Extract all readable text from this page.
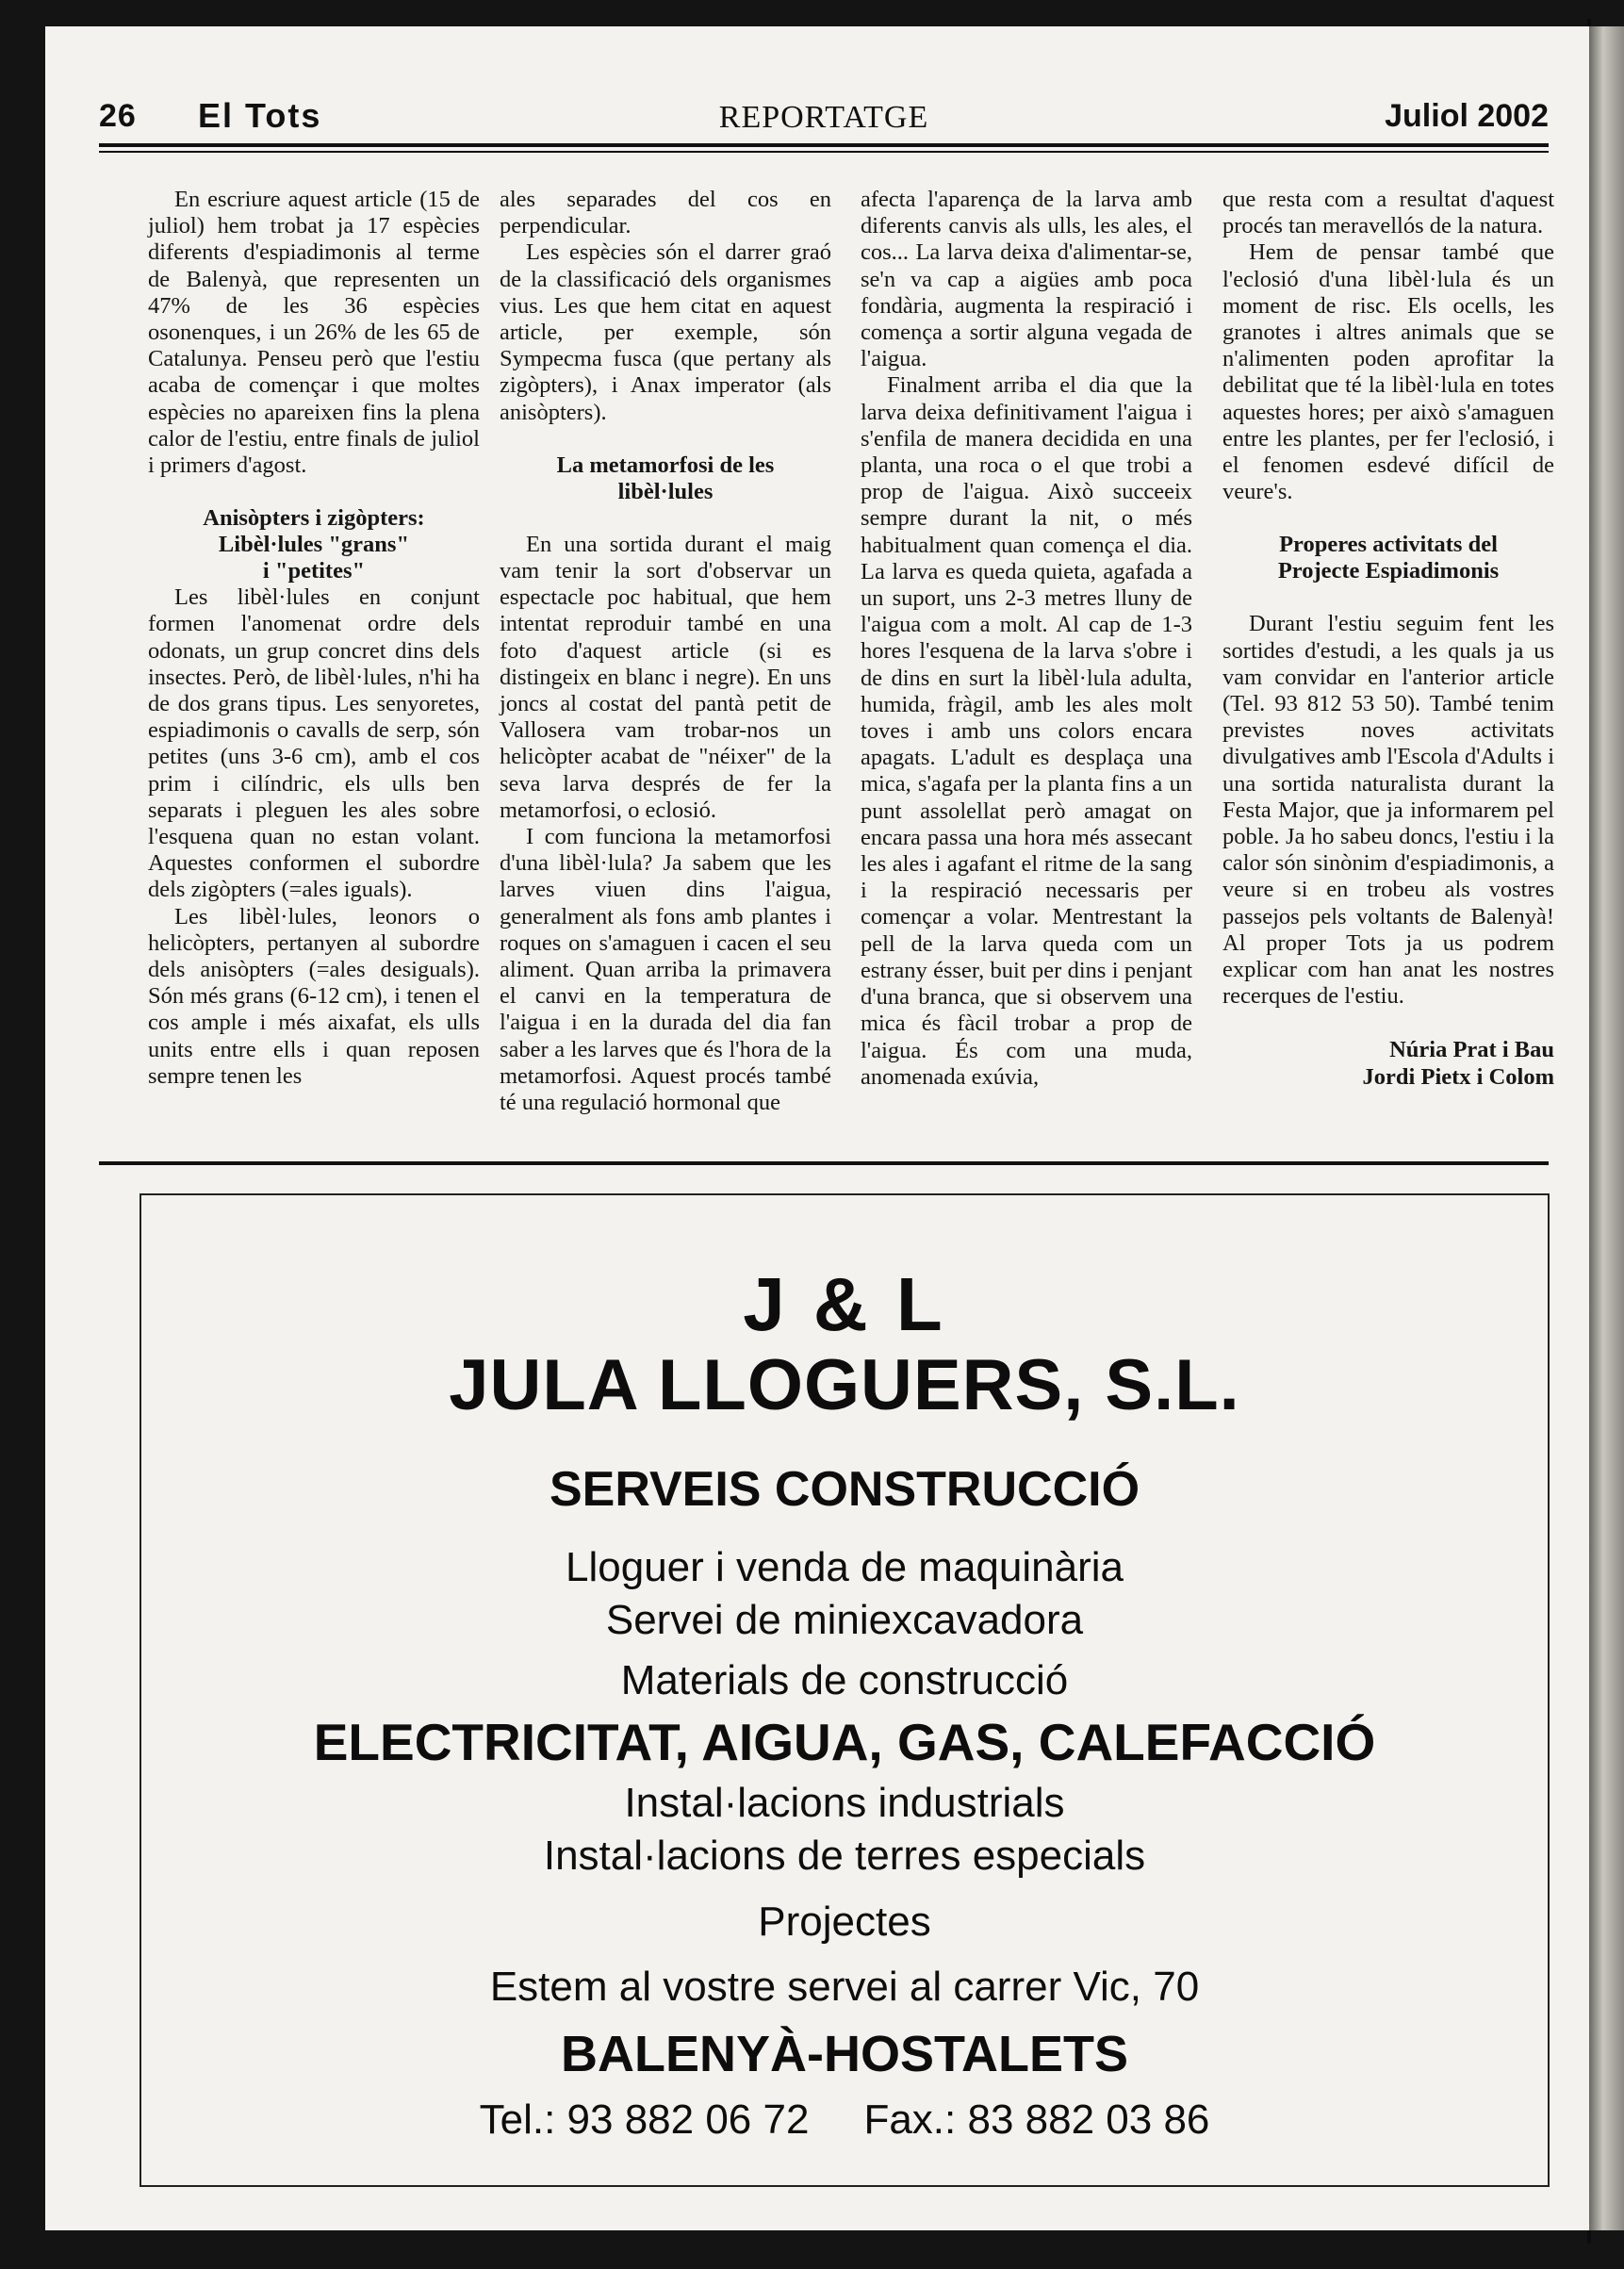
26 El Tots	REPORTATGE	Juliol 2002

En escriure aquest article (15 de juliol) hem trobat ja 17 espècies diferents d'espiadimonis al terme de Balenyà, que representen un 47% de les 36 espècies osonenques, i un 26% de les 65 de Catalunya. Penseu però que l'estiu acaba de començar i que moltes espècies no apareixen fins la plena calor de l'estiu, entre finals de juliol i primers d'agost.

Anisòpters i zigòpters:
Libèl·lules "grans"
i "petites"

Les libèl·lules en conjunt formen l'anomenat ordre dels odonats, un grup concret dins dels insectes. Però, de libèl·lules, n'hi ha de dos grans tipus. Les senyoretes, espiadimonis o cavalls de serp, són petites (uns 3-6 cm), amb el cos prim i cilíndric, els ulls ben separats i pleguen les ales sobre l'esquena quan no estan volant. Aquestes conformen el subordre dels zigòpters (=ales iguals).

Les libèl·lules, leonors o helicòpters, pertanyen al subordre dels anisòpters (=ales desiguals). Són més grans (6-12 cm), i tenen el cos ample i més aixafat, els ulls units entre ells i quan reposen sempre tenen les

ales separades del cos en perpendicular.

Les espècies són el darrer graó de la classificació dels organismes vius. Les que hem citat en aquest article, per exemple, són Sympecma fusca (que pertany als zigòpters), i Anax imperator (als anisòpters).

La metamorfosi de les
libèl·lules

En una sortida durant el maig vam tenir la sort d'observar un espectacle poc habitual, que hem intentat reproduir també en una foto d'aquest article (si es distingeix en blanc i negre). En uns joncs al costat del pantà petit de Vallosera vam trobar-nos un helicòpter acabat de "néixer" de la seva larva després de fer la metamorfosi, o eclosió.

I com funciona la metamorfosi d'una libèl·lula? Ja sabem que les larves viuen dins l'aigua, generalment als fons amb plantes i roques on s'amaguen i cacen el seu aliment. Quan arriba la primavera el canvi en la temperatura de l'aigua i en la durada del dia fan saber a les larves que és l'hora de la metamorfosi. Aquest procés també té una regulació hormonal que

afecta l'aparença de la larva amb diferents canvis als ulls, les ales, el cos... La larva deixa d'alimentar-se, se'n va cap a aigües amb poca fondària, augmenta la respiració i comença a sortir alguna vegada de l'aigua.

Finalment arriba el dia que la larva deixa definitivament l'aigua i s'enfila de manera decidida en una planta, una roca o el que trobi a prop de l'aigua. Això succeeix sempre durant la nit, o més habitualment quan comença el dia. La larva es queda quieta, agafada a un suport, uns 2-3 metres lluny de l'aigua com a molt. Al cap de 1-3 hores l'esquena de la larva s'obre i de dins en surt la libèl·lula adulta, humida, fràgil, amb les ales molt toves i amb uns colors encara apagats. L'adult es desplaça una mica, s'agafa per la planta fins a un punt assolellat però amagat on encara passa una hora més assecant les ales i agafant el ritme de la sang i la respiració necessaris per començar a volar. Mentrestant la pell de la larva queda com un estrany ésser, buit per dins i penjant d'una branca, que si observem una mica és fàcil trobar a prop de l'aigua. És com una muda, anomenada exúvia,

que resta com a resultat d'aquest procés tan meravellós de la natura.

Hem de pensar també que l'eclosió d'una libèl·lula és un moment de risc. Els ocells, les granotes i altres animals que se n'alimenten poden aprofitar la debilitat que té la libèl·lula en totes aquestes hores; per això s'amaguen entre les plantes, per fer l'eclosió, i el fenomen esdevé difícil de veure's.

Properes activitats del
Projecte Espiadimonis

Durant l'estiu seguim fent les sortides d'estudi, a les quals ja us vam convidar en l'anterior article (Tel. 93 812 53 50). També tenim previstes noves activitats divulgatives amb l'Escola d'Adults i una sortida naturalista durant la Festa Major, que ja informarem pel poble. Ja ho sabeu doncs, l'estiu i la calor són sinònim d'espiadimonis, a veure si en trobeu als vostres passejos pels voltants de Balenyà! Al proper Tots ja us podrem explicar com han anat les nostres recerques de l'estiu.

Núria Prat i Bau

Jordi Pietx i Colom

J & L
JULA LLOGUERS, S.L.
SERVEIS CONSTRUCCIÓ
Lloguer i venda de maquinària
Servei de miniexcavadora
Materials de construcció
ELECTRICITAT, AIGUA, GAS, CALEFACCIÓ
Instal·lacions industrials
Instal·lacions de terres especials
Projectes
Estem al vostre servei al carrer Vic, 70
BALENYÀ-HOSTALETS
Tel.: 93 882 06 72 Fax.: 83 882 03 86
